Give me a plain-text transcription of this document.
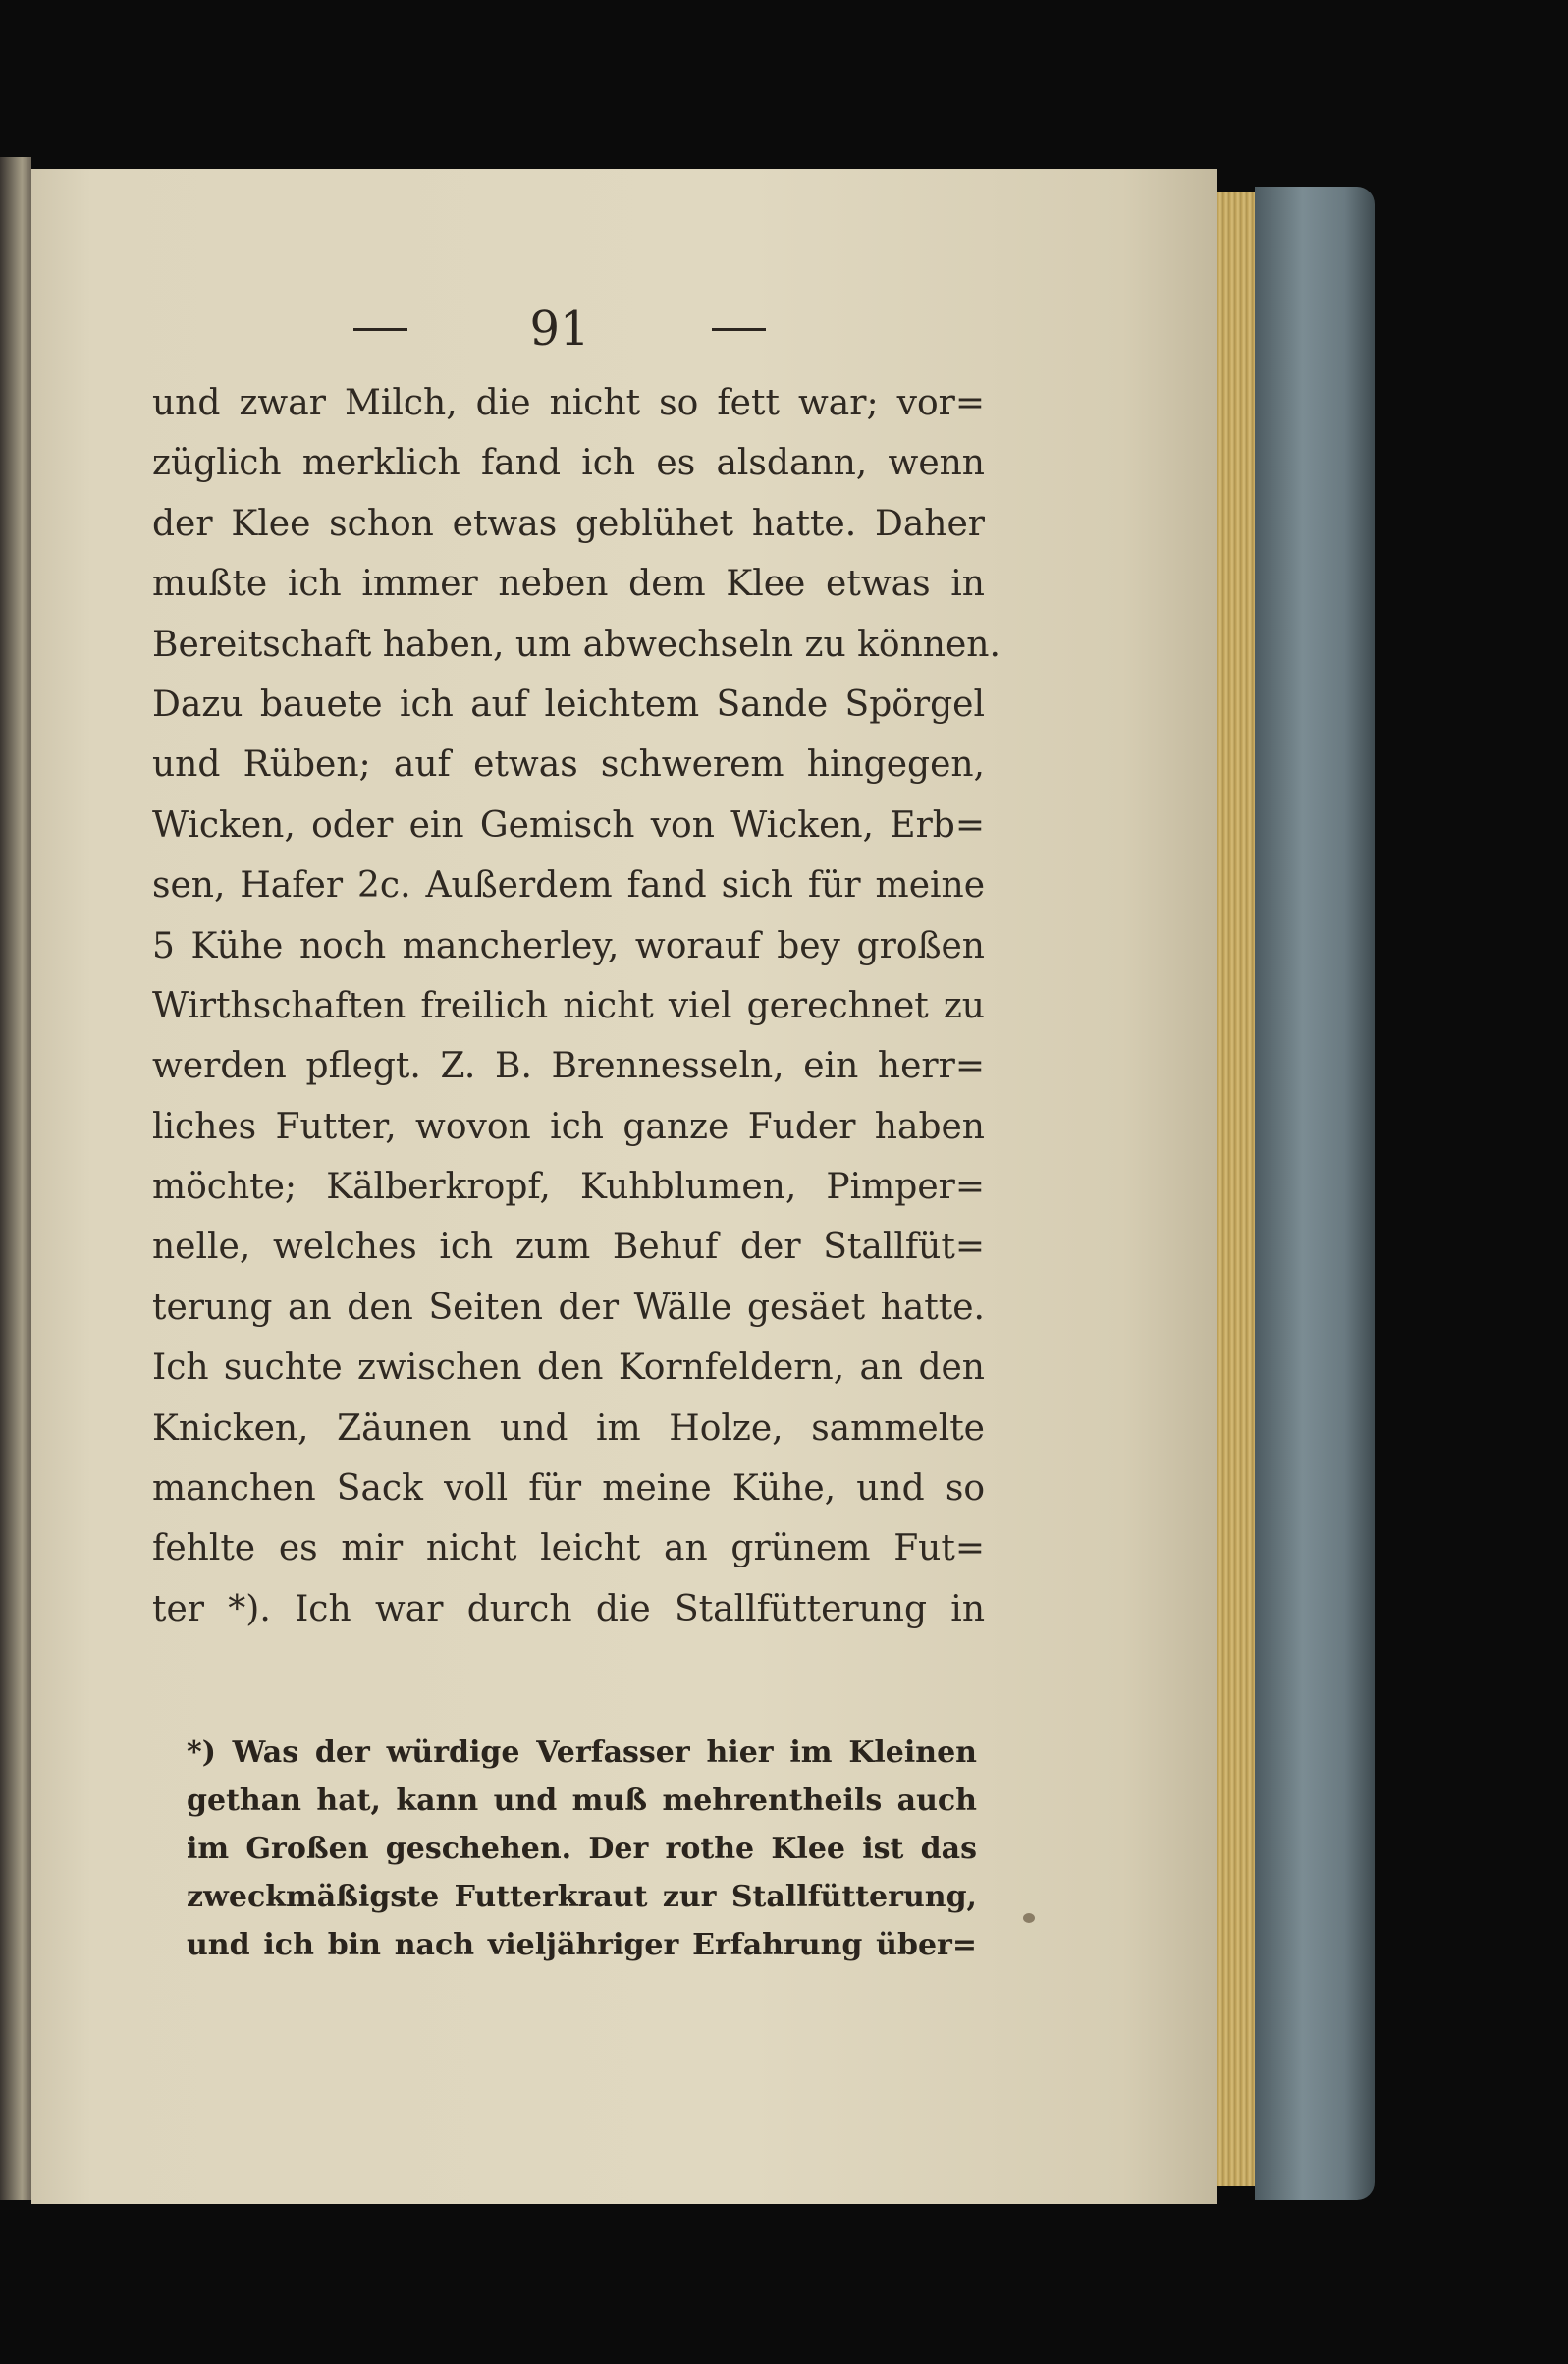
91
und zwar Milch, die nicht so fett war; vor=
züglich merklich fand ich es alsdann, wenn
der Klee schon etwas geblühet hatte. Daher
mußte ich immer neben dem Klee etwas in
Bereitschaft haben, um abwechseln zu können.
Dazu bauete ich auf leichtem Sande Spörgel
und Rüben; auf etwas schwerem hingegen,
Wicken, oder ein Gemisch von Wicken, Erb=
sen, Hafer 2c. Außerdem fand sich für meine
5 Kühe noch mancherley, worauf bey großen
Wirthschaften freilich nicht viel gerechnet zu
werden pflegt. Z. B. Brennesseln, ein herr=
liches Futter, wovon ich ganze Fuder haben
möchte; Kälberkropf, Kuhblumen, Pimper=
nelle, welches ich zum Behuf der Stallfüt=
terung an den Seiten der Wälle gesäet hatte.
Ich suchte zwischen den Kornfeldern, an den
Knicken, Zäunen und im Holze, sammelte
manchen Sack voll für meine Kühe, und so
fehlte es mir nicht leicht an grünem Fut=
ter *). Ich war durch die Stallfütterung in
*) Was der würdige Verfasser hier im Kleinen
gethan hat, kann und muß mehrentheils auch
im Großen geschehen. Der rothe Klee ist das
zweckmäßigste Futterkraut zur Stallfütterung,
und ich bin nach vieljähriger Erfahrung über=
